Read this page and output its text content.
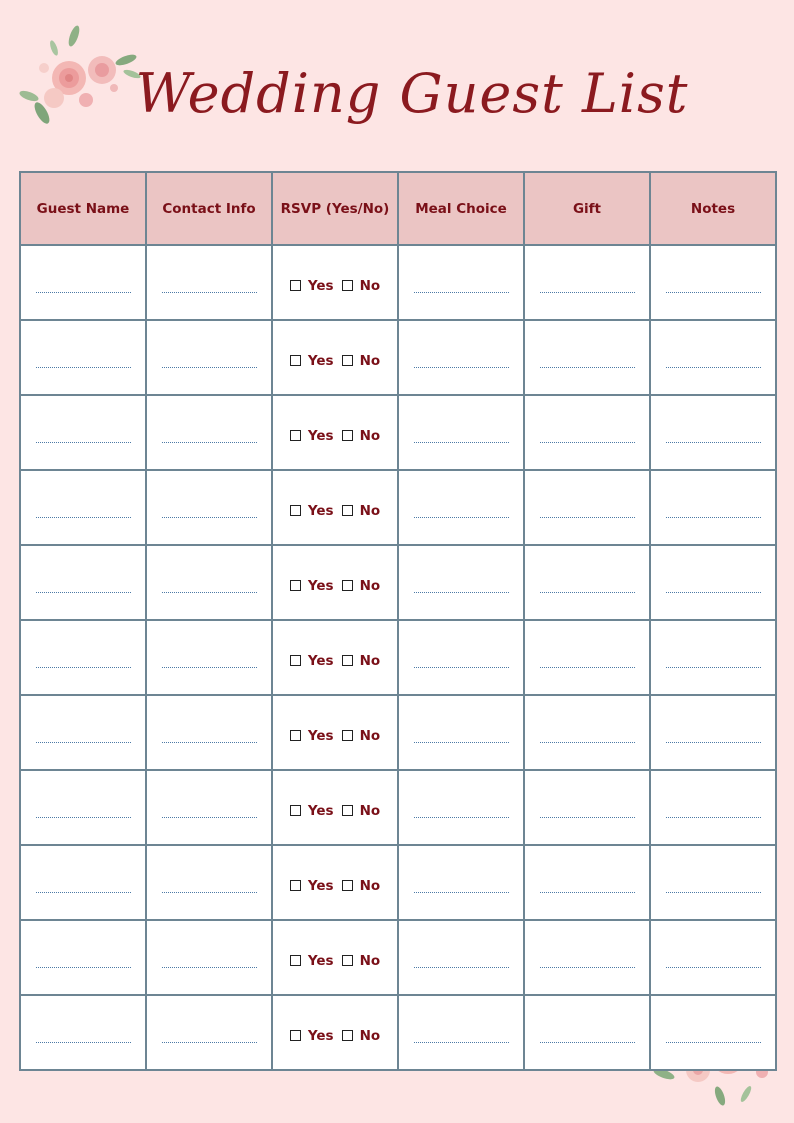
Wedding Guest List
Guest Name	Contact Info	RSVP (Yes/No)	Meal Choice	Gift	Notes

		Yes No			

		Yes No			

		Yes No			

		Yes No			

		Yes No			

		Yes No			

		Yes No			

		Yes No			

		Yes No			

		Yes No			

		Yes No			
